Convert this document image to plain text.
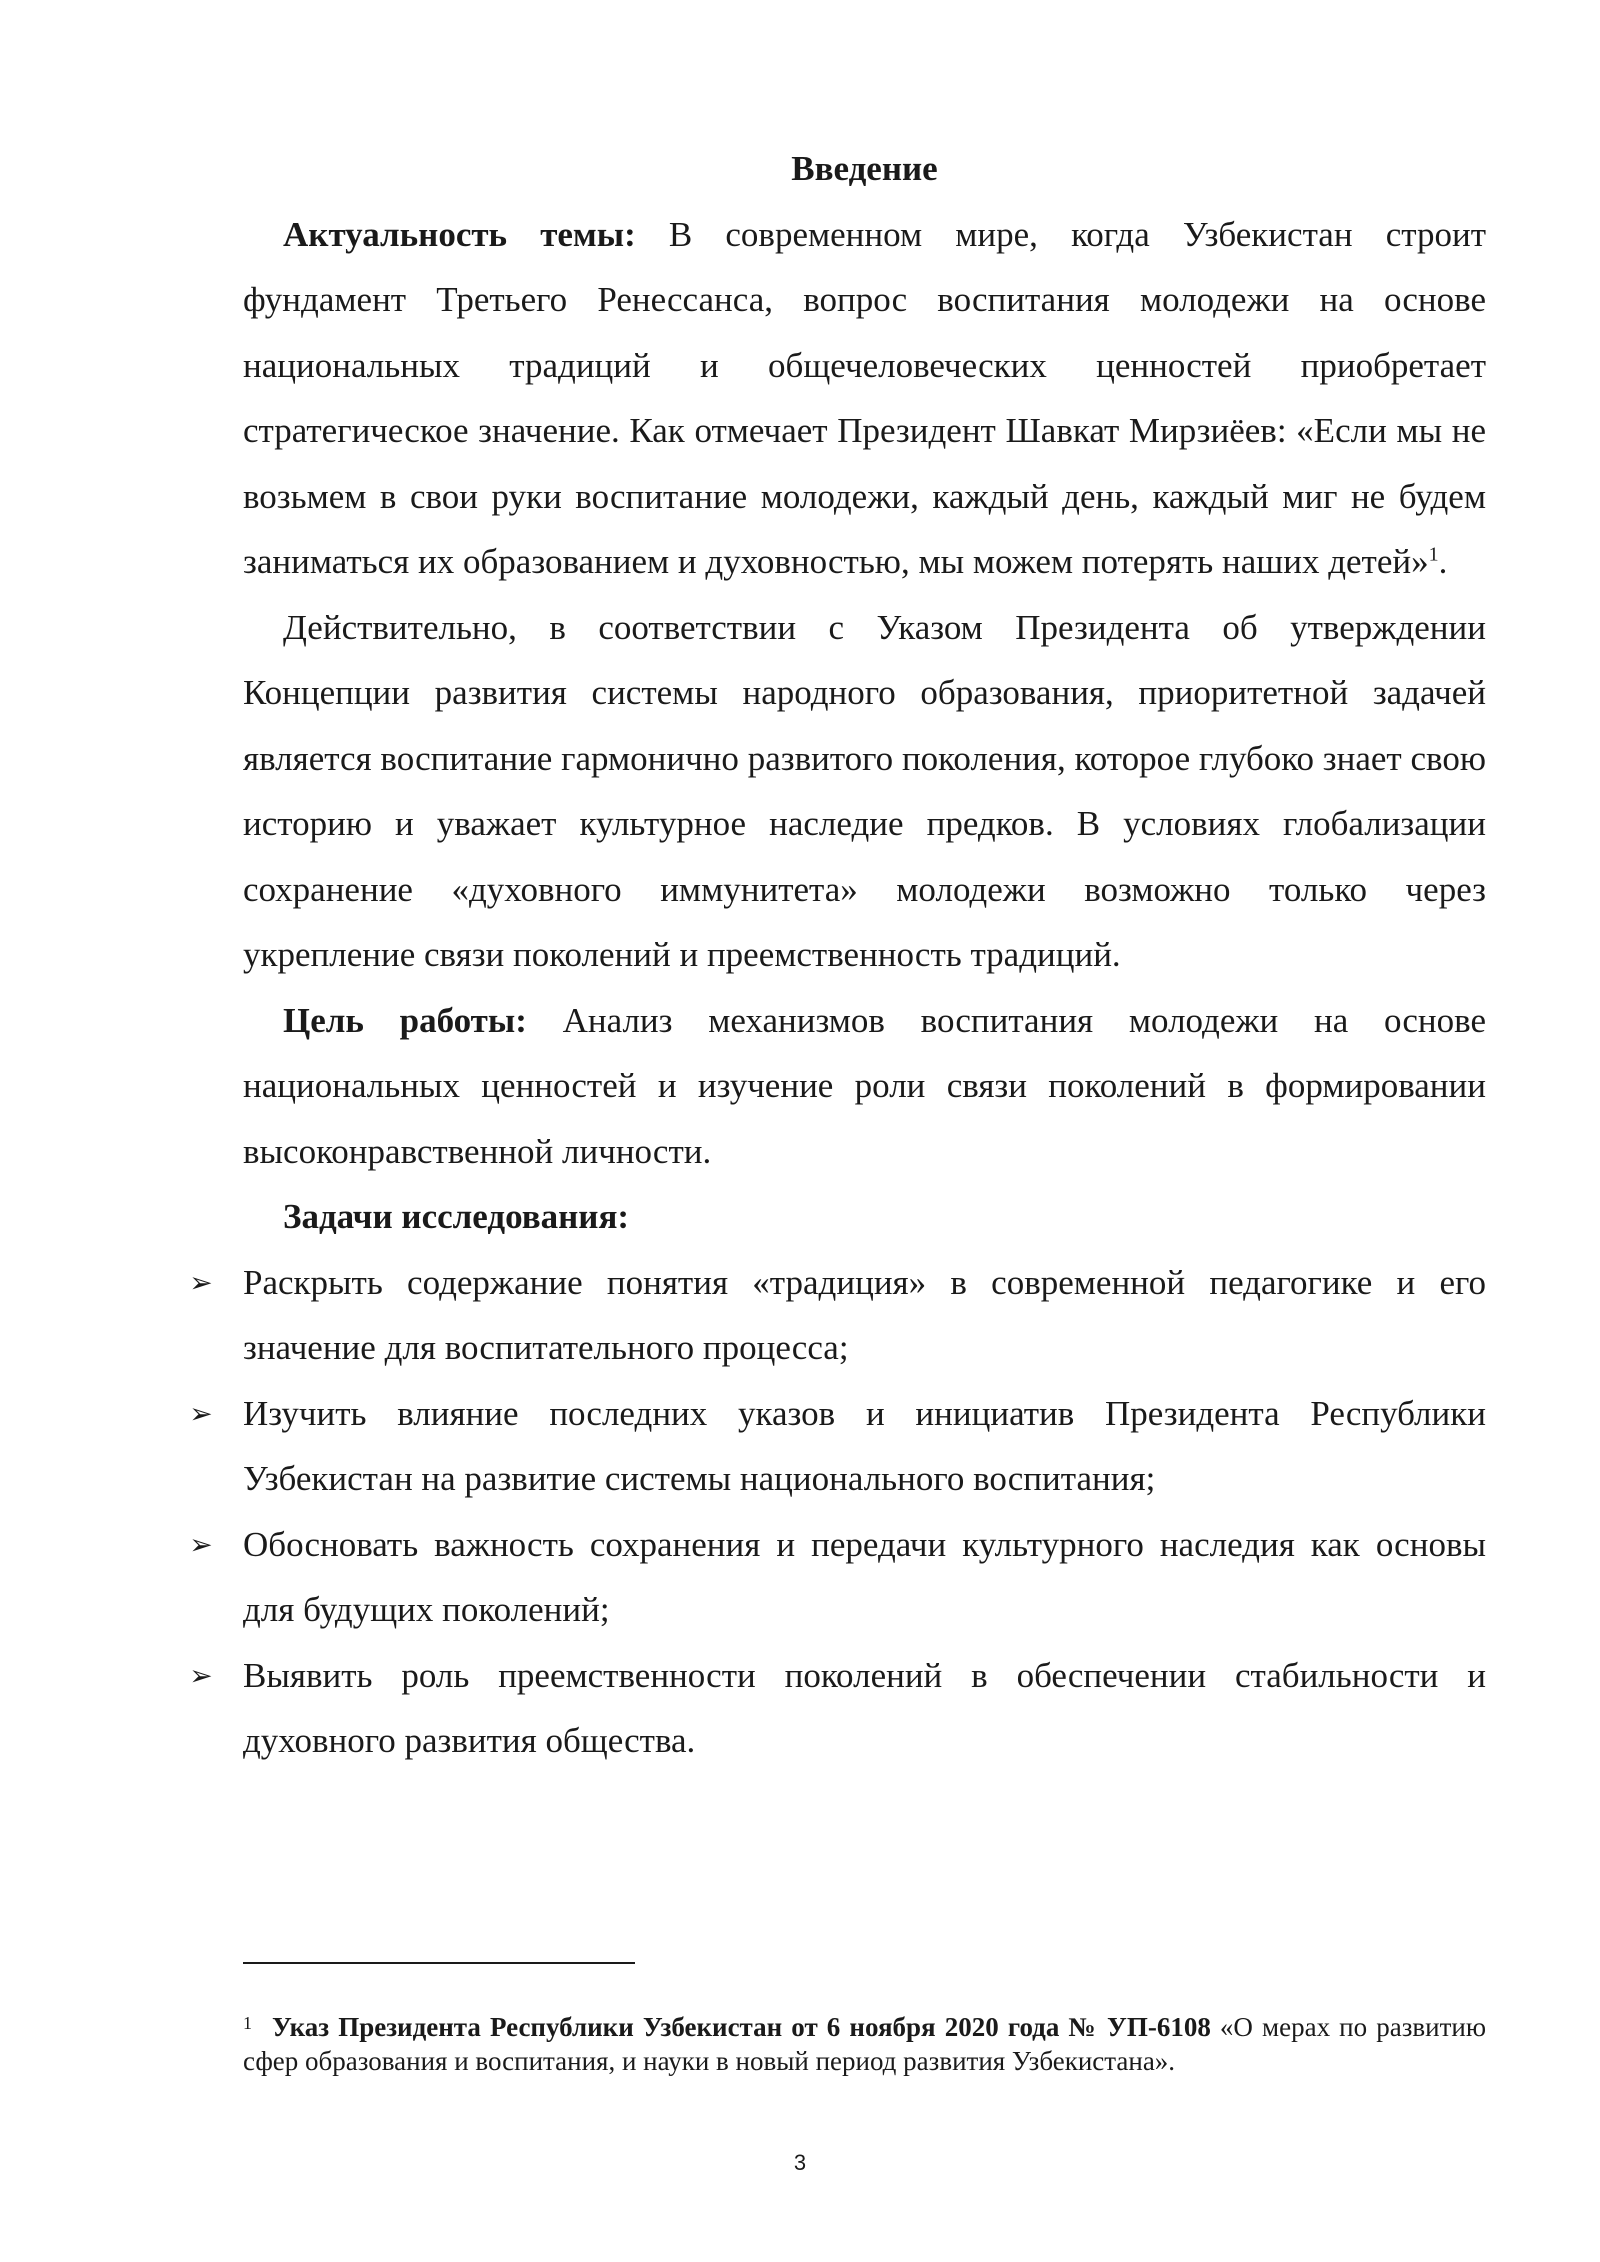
Введение

Актуальность темы: В современном мире, когда Узбекистан строит фундамент Третьего Ренессанса, вопрос воспитания молодежи на основе национальных традиций и общечеловеческих ценностей приобретает стратегическое значение. Как отмечает Президент Шавкат Мирзиёев: «Если мы не возьмем в свои руки воспитание молодежи, каждый день, каждый миг не будем заниматься их образованием и духовностью, мы можем потерять наших детей»$^1$.

Действительно, в соответствии с Указом Президента об утверждении Концепции развития системы народного образования, приоритетной задачей является воспитание гармонично развитого поколения, которое глубоко знает свою историю и уважает культурное наследие предков. В условиях глобализации сохранение «духовного иммунитета» молодежи возможно только через укрепление связи поколений и преемственность традиций.

Цель работы: Анализ механизмов воспитания молодежи на основе национальных ценностей и изучение роли связи поколений в формировании высоконравственной личности.

Задачи исследования:
➢ Раскрыть содержание понятия «традиция» в современной педагогике и его значение для воспитательного процесса;
➢ Изучить влияние последних указов и инициатив Президента Республики Узбекистан на развитие системы национального воспитания;
➢ Обосновать важность сохранения и передачи культурного наследия как основы для будущих поколений;
➢ Выявить роль преемственности поколений в обеспечении стабильности и духовного развития общества.
$^1$ Указ Президента Республики Узбекистан от 6 ноября 2020 года № УП-6108 «О мерах по развитию сфер образования и воспитания, и науки в новый период развития Узбекистана».
3
